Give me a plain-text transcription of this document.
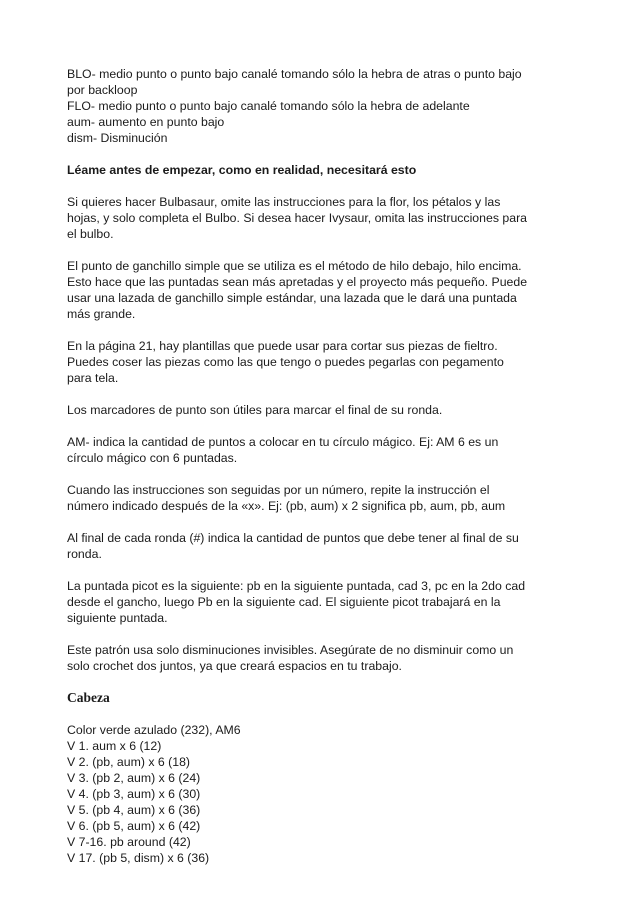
BLO- medio punto o punto bajo canalé tomando sólo la hebra de atras o punto bajo
por backloop
FLO- medio punto o punto bajo canalé tomando sólo la hebra de adelante
aum- aumento en punto bajo
dism- Disminución

Léame antes de empezar, como en realidad, necesitará esto

Si quieres hacer Bulbasaur, omite las instrucciones para la flor, los pétalos y las
hojas, y solo completa el Bulbo. Si desea hacer Ivysaur, omita las instrucciones para
el bulbo.

El punto de ganchillo simple que se utiliza es el método de hilo debajo, hilo encima.
Esto hace que las puntadas sean más apretadas y el proyecto más pequeño. Puede
usar una lazada de ganchillo simple estándar, una lazada que le dará una puntada
más grande.

En la página 21, hay plantillas que puede usar para cortar sus piezas de fieltro.
Puedes coser las piezas como las que tengo o puedes pegarlas con pegamento
para tela.

Los marcadores de punto son útiles para marcar el final de su ronda.

AM- indica la cantidad de puntos a colocar en tu círculo mágico. Ej: AM 6 es un
círculo mágico con 6 puntadas.

Cuando las instrucciones son seguidas por un número, repite la instrucción el
número indicado después de la «x». Ej: (pb, aum) x 2 significa pb, aum, pb, aum

Al final de cada ronda (#) indica la cantidad de puntos que debe tener al final de su
ronda.

La puntada picot es la siguiente: pb en la siguiente puntada, cad 3, pc en la 2do cad
desde el gancho, luego Pb en la siguiente cad. El siguiente picot trabajará en la
siguiente puntada.

Este patrón usa solo disminuciones invisibles. Asegúrate de no disminuir como un
solo crochet dos juntos, ya que creará espacios en tu trabajo.

Cabeza

Color verde azulado (232), AM6
V 1. aum x 6 (12)
V 2. (pb, aum) x 6 (18)
V 3. (pb 2, aum) x 6 (24)
V 4. (pb 3, aum) x 6 (30)
V 5. (pb 4, aum) x 6 (36)
V 6. (pb 5, aum) x 6 (42)
V 7-16. pb around (42)
V 17. (pb 5, dism) x 6 (36)
